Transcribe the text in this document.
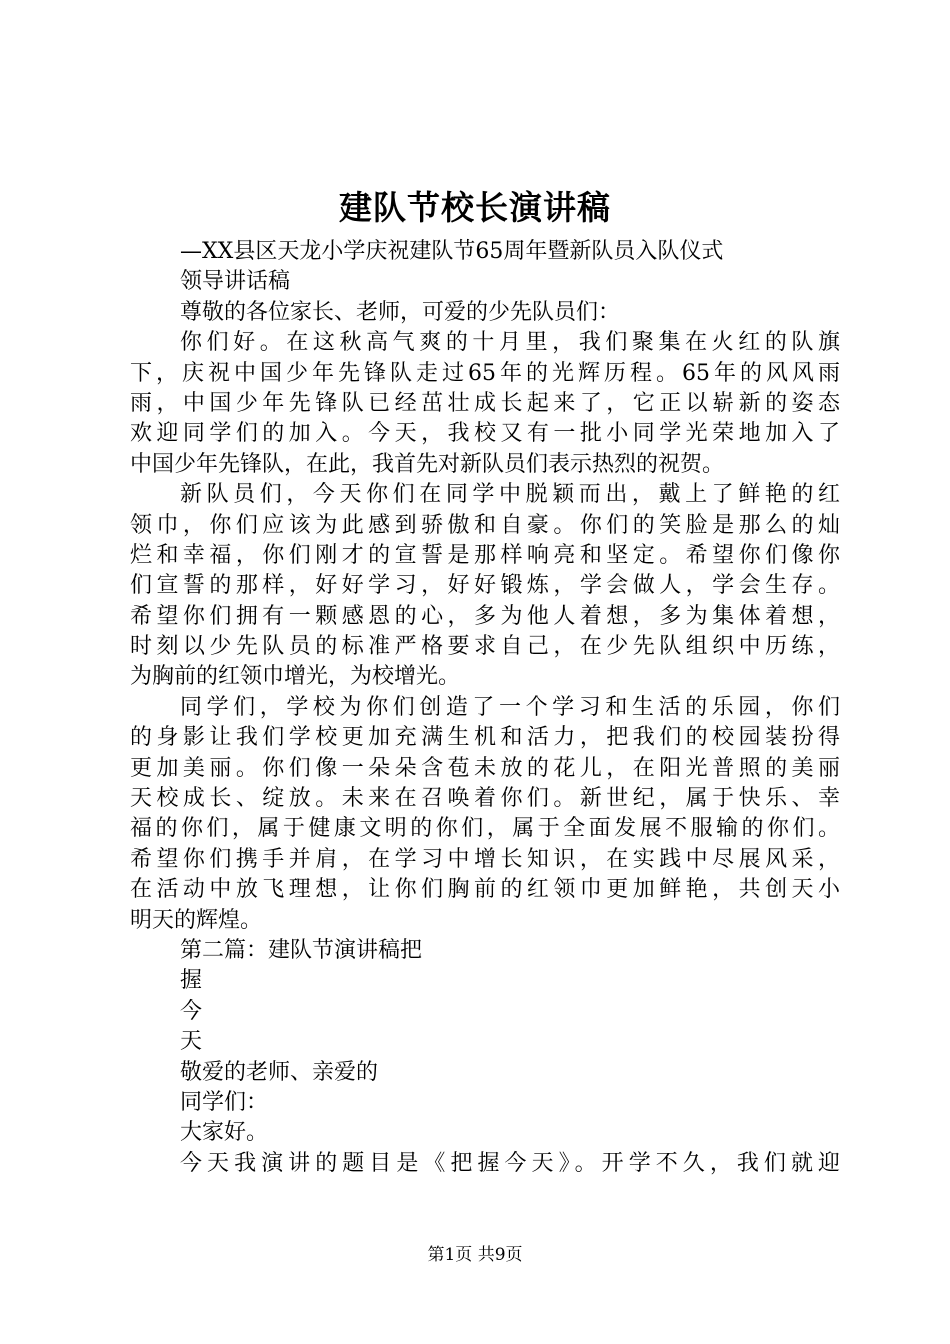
建队节校长演讲稿
—XX县区天龙小学庆祝建队节65周年暨新队员入队仪式
领导讲话稿
尊敬的各位家长、老师，可爱的少先队员们：
你们好。在这秋高气爽的十月里，我们聚集在火红的队旗
下，庆祝中国少年先锋队走过65年的光辉历程。65年的风风雨
雨，中国少年先锋队已经茁壮成长起来了，它正以崭新的姿态
欢迎同学们的加入。今天，我校又有一批小同学光荣地加入了
中国少年先锋队，在此，我首先对新队员们表示热烈的祝贺。
新队员们，今天你们在同学中脱颖而出，戴上了鲜艳的红
领巾，你们应该为此感到骄傲和自豪。你们的笑脸是那么的灿
烂和幸福，你们刚才的宣誓是那样响亮和坚定。希望你们像你
们宣誓的那样，好好学习，好好锻炼，学会做人，学会生存。
希望你们拥有一颗感恩的心，多为他人着想，多为集体着想，
时刻以少先队员的标准严格要求自己，在少先队组织中历练，
为胸前的红领巾增光，为校增光。
同学们，学校为你们创造了一个学习和生活的乐园，你们
的身影让我们学校更加充满生机和活力，把我们的校园装扮得
更加美丽。你们像一朵朵含苞未放的花儿，在阳光普照的美丽
天校成长、绽放。未来在召唤着你们。新世纪，属于快乐、幸
福的你们，属于健康文明的你们，属于全面发展不服输的你们。
希望你们携手并肩，在学习中增长知识，在实践中尽展风采，
在活动中放飞理想，让你们胸前的红领巾更加鲜艳，共创天小
明天的辉煌。
第二篇：建队节演讲稿把
握
今
天
敬爱的老师、亲爱的
同学们：
大家好。
今天我演讲的题目是《把握今天》。开学不久，我们就迎
第1页 共9页
